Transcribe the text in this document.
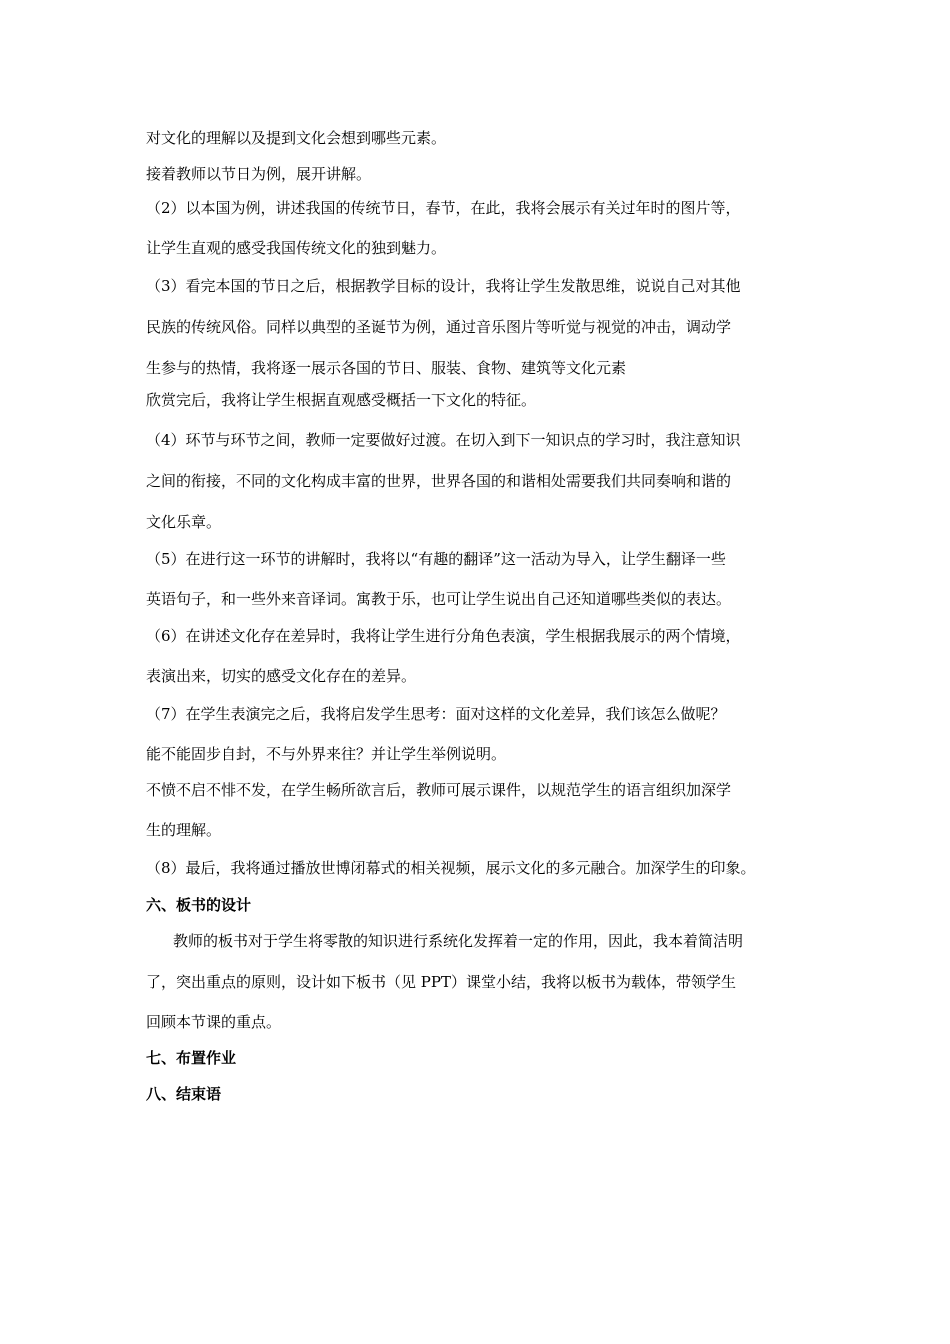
对文化的理解以及提到文化会想到哪些元素。

接着教师以节日为例，展开讲解。

（2）以本国为例，讲述我国的传统节日，春节，在此，我将会展示有关过年时的图片等，

让学生直观的感受我国传统文化的独到魅力。

（3）看完本国的节日之后，根据教学目标的设计，我将让学生发散思维，说说自己对其他

民族的传统风俗。同样以典型的圣诞节为例，通过音乐图片等听觉与视觉的冲击，调动学

生参与的热情，我将逐一展示各国的节日、服装、食物、建筑等文化元素

欣赏完后，我将让学生根据直观感受概括一下文化的特征。

（4）环节与环节之间，教师一定要做好过渡。在切入到下一知识点的学习时，我注意知识

之间的衔接，不同的文化构成丰富的世界，世界各国的和谐相处需要我们共同奏响和谐的

文化乐章。

（5）在进行这一环节的讲解时，我将以“有趣的翻译”这一活动为导入，让学生翻译一些

英语句子，和一些外来音译词。寓教于乐，也可让学生说出自己还知道哪些类似的表达。

（6）在讲述文化存在差异时，我将让学生进行分角色表演，学生根据我展示的两个情境，

表演出来，切实的感受文化存在的差异。

（7）在学生表演完之后，我将启发学生思考：面对这样的文化差异，我们该怎么做呢？

能不能固步自封，不与外界来往？并让学生举例说明。

不愤不启不悱不发，在学生畅所欲言后，教师可展示课件，以规范学生的语言组织加深学

生的理解。

（8）最后，我将通过播放世博闭幕式的相关视频，展示文化的多元融合。加深学生的印象。

六、板书的设计

教师的板书对于学生将零散的知识进行系统化发挥着一定的作用，因此，我本着简洁明

了，突出重点的原则，设计如下板书（见 PPT）课堂小结，我将以板书为载体，带领学生

回顾本节课的重点。

七、布置作业

八、结束语
